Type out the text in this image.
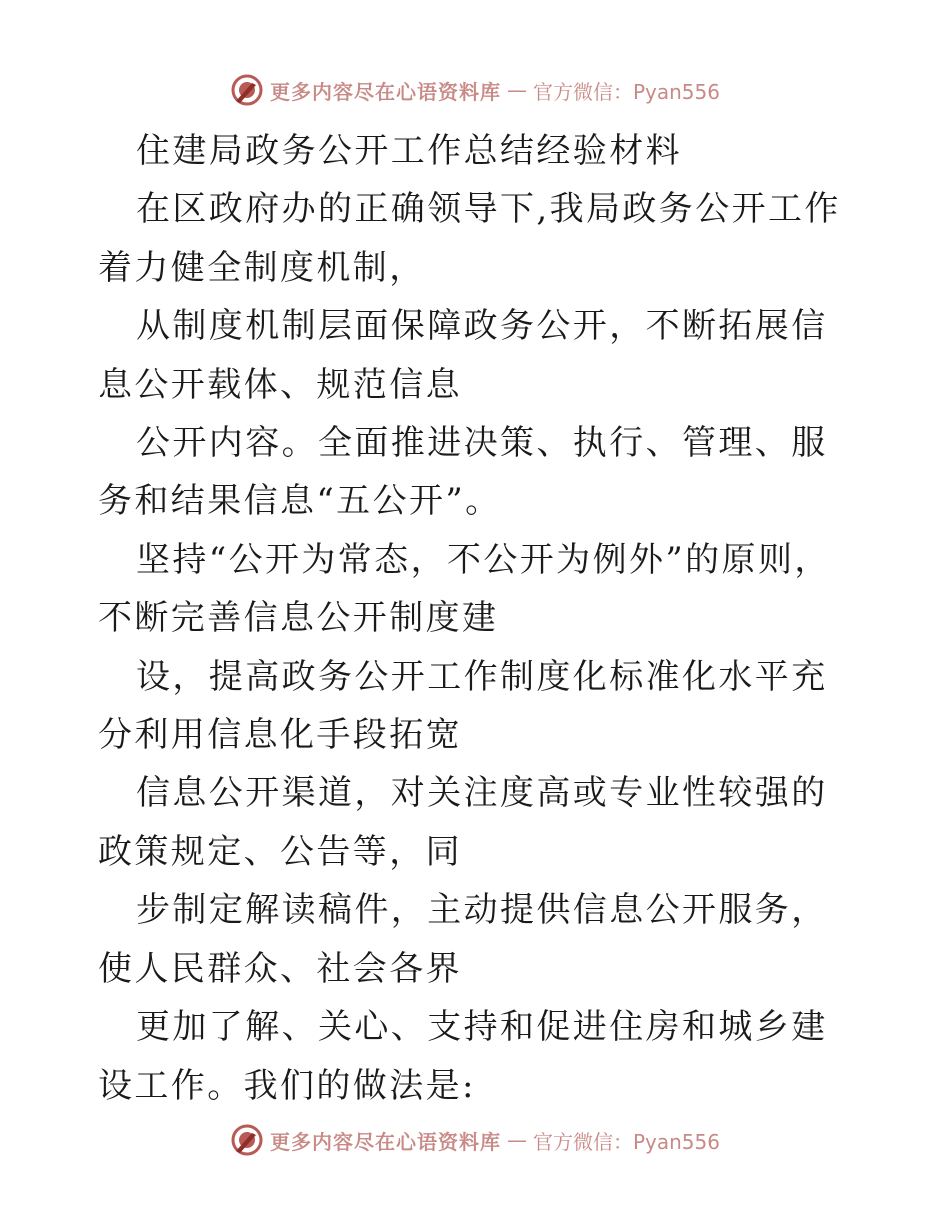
更多内容尽在心语资料库 — 官方微信：Pyan556

住建局政务公开工作总结经验材料

在区政府办的正确领导下,我局政务公开工作着力健全制度机制，

从制度机制层面保障政务公开，不断拓展信息公开载体、规范信息

公开内容。全面推进决策、执行、管理、服务和结果信息“五公开”。

坚持“公开为常态，不公开为例外”的原则，不断完善信息公开制度建

设，提高政务公开工作制度化标准化水平充分利用信息化手段拓宽

信息公开渠道，对关注度高或专业性较强的政策规定、公告等，同

步制定解读稿件，主动提供信息公开服务，使人民群众、社会各界

更加了解、关心、支持和促进住房和城乡建设工作。我们的做法是:

更多内容尽在心语资料库 — 官方微信：Pyan556
